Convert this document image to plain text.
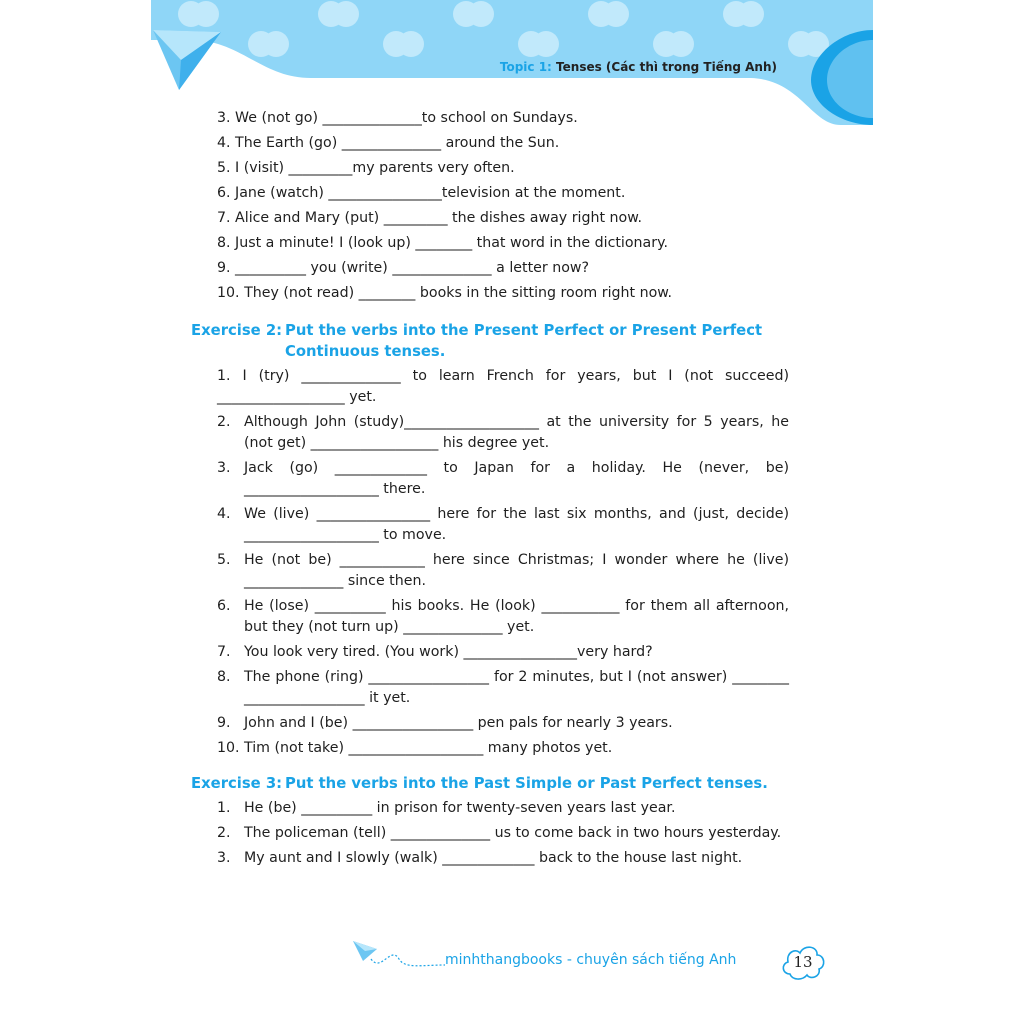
Topic 1: Tenses (Các thì trong Tiếng Anh)
3. We (not go) ______________to school on Sundays.
4. The Earth (go) ______________ around the Sun.
5. I (visit) _________my parents very often.
6. Jane (watch) ________________television at the moment.
7. Alice and Mary (put) _________ the dishes away right now.
8. Just a minute! I (look up) ________ that word in the dictionary.
9. __________ you (write) ______________ a letter now?
10. They (not read) ________ books in the sitting room right now.
Exercise 2: Put the verbs into the Present Perfect or Present Perfect
Continuous tenses.
1. I (try) ______________ to learn French for years, but I (not succeed) __________________ yet.
2. Although John (study)___________________ at the university for 5 years, he (not get) __________________ his degree yet.
3. Jack (go) _____________ to Japan for a holiday. He (never, be) ___________________ there.
4. We (live) ________________ here for the last six months, and (just, decide) ___________________ to move.
5. He (not be) ____________ here since Christmas; I wonder where he (live) ______________ since then.
6. He (lose) __________ his books. He (look) ___________ for them all afternoon, but they (not turn up) ______________ yet.
7. You look very tired. (You work) ________________very hard?
8. The phone (ring) _________________ for 2 minutes, but I (not answer) ________ _________________ it yet.
9. John and I (be) _________________ pen pals for nearly 3 years.
10. Tim (not take) ___________________ many photos yet.
Exercise 3: Put the verbs into the Past Simple or Past Perfect tenses.
1. He (be) __________ in prison for twenty-seven years last year.
2. The policeman (tell) ______________ us to come back in two hours yesterday.
3. My aunt and I slowly (walk) _____________ back to the house last night.
minhthangbooks - chuyên sách tiếng Anh	13
